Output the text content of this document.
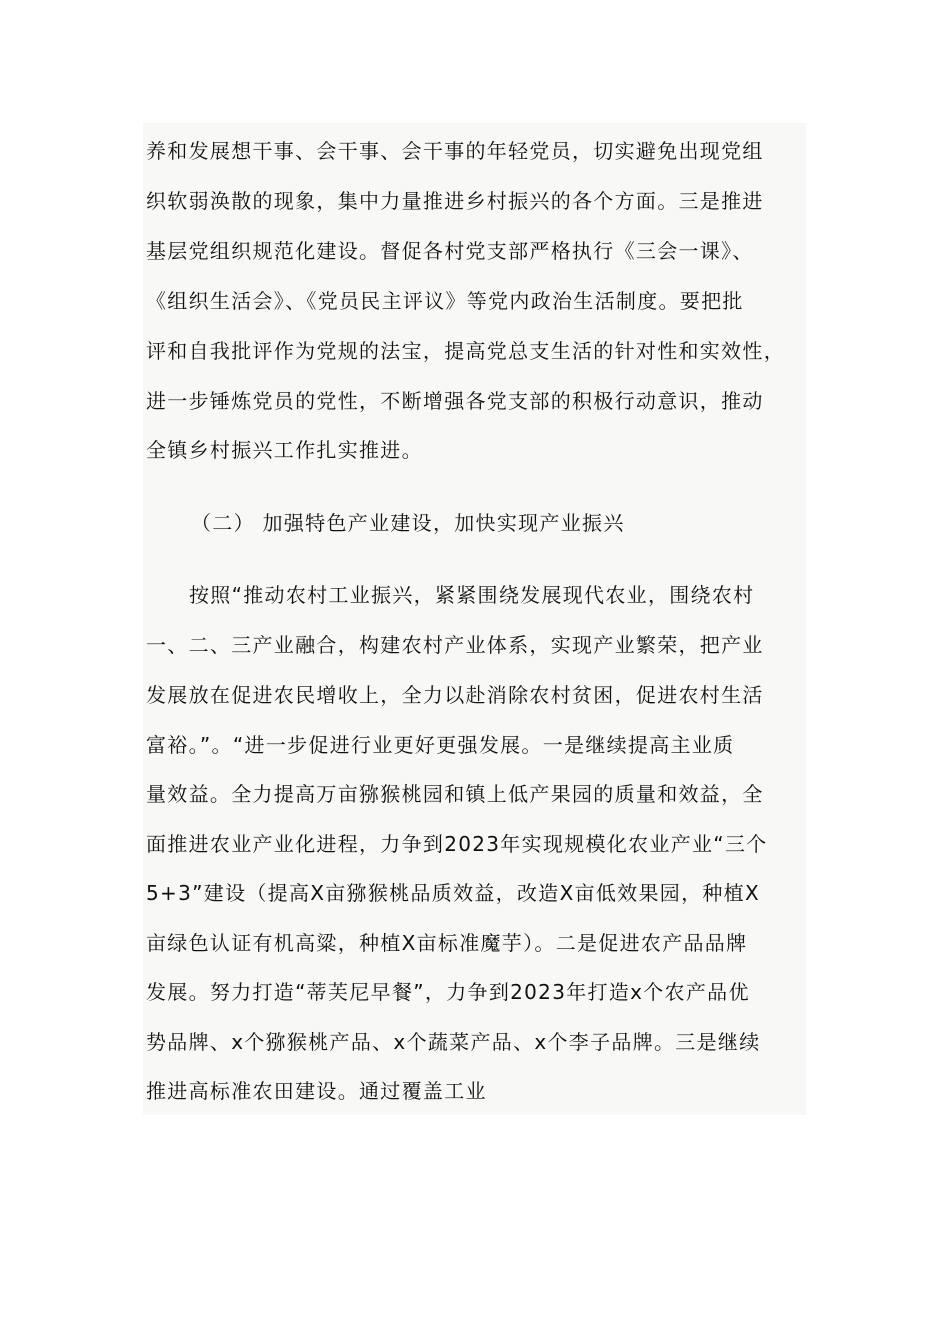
养和发展想干事、会干事、会干事的年轻党员，切实避免出现党组
织软弱涣散的现象，集中力量推进乡村振兴的各个方面。三是推进
基层党组织规范化建设。督促各村党支部严格执行《三会一课》、
《组织生活会》、《党员民主评议》等党内政治生活制度。要把批
评和自我批评作为党规的法宝，提高党总支生活的针对性和实效性，
进一步锤炼党员的党性，不断增强各党支部的积极行动意识，推动
全镇乡村振兴工作扎实推进。
（二） 加强特色产业建设，加快实现产业振兴
按照“推动农村工业振兴，紧紧围绕发展现代农业，围绕农村
一、二、三产业融合，构建农村产业体系，实现产业繁荣，把产业
发展放在促进农民增收上，全力以赴消除农村贫困，促进农村生活
富裕。”。“进一步促进行业更好更强发展。一是继续提高主业质
量效益。全力提高万亩猕猴桃园和镇上低产果园的质量和效益，全
面推进农业产业化进程，力争到2023年实现规模化农业产业“三个
5+3”建设（提高X亩猕猴桃品质效益，改造X亩低效果园，种植X
亩绿色认证有机高粱，种植X亩标准魔芋）。二是促进农产品品牌
发展。努力打造“蒂芙尼早餐”，力争到2023年打造x个农产品优
势品牌、x个猕猴桃产品、x个蔬菜产品、x个李子品牌。三是继续
推进高标准农田建设。通过覆盖工业
